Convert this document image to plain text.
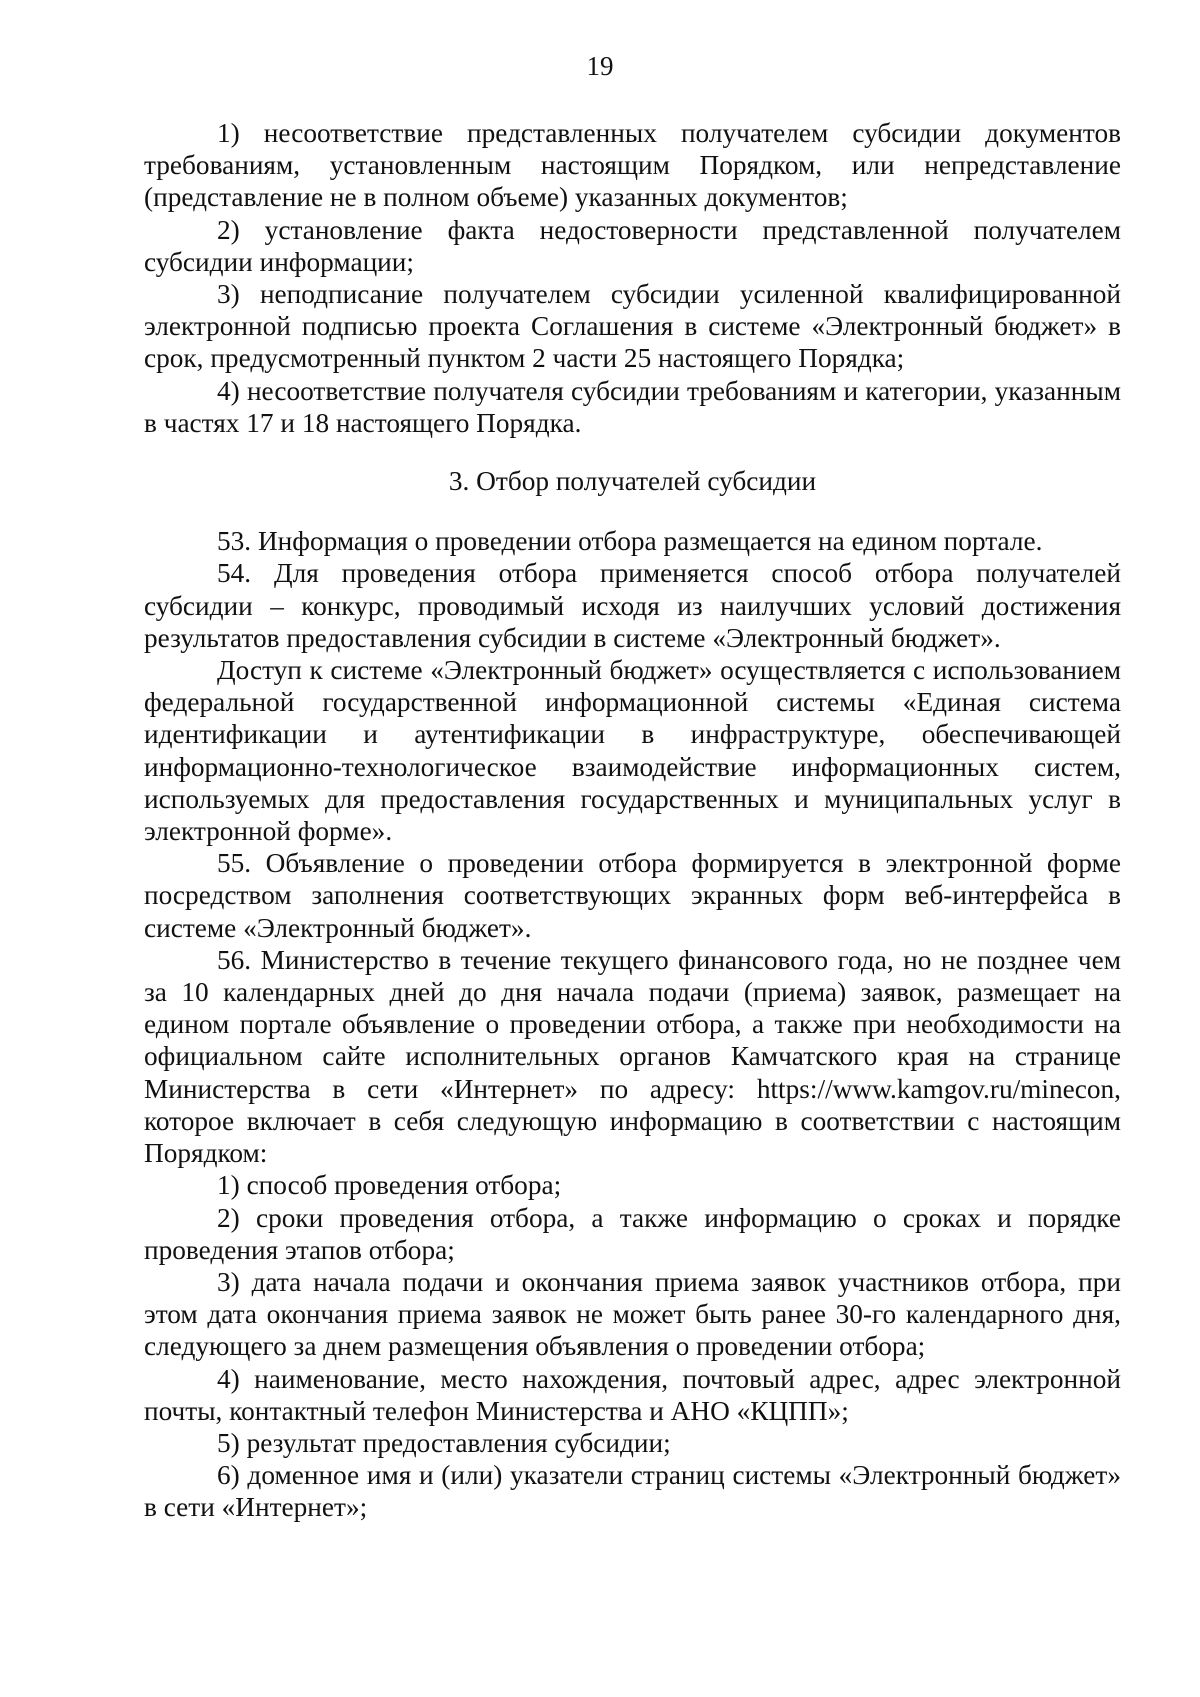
19

1) несоответствие представленных получателем субсидии документов требованиям, установленным настоящим Порядком, или непредставление (представление не в полном объеме) указанных документов;

2) установление факта недостоверности представленной получателем субсидии информации;

3) неподписание получателем субсидии усиленной квалифицированной электронной подписью проекта Соглашения в системе «Электронный бюджет» в срок, предусмотренный пунктом 2 части 25 настоящего Порядка;

4) несоответствие получателя субсидии требованиям и категории, указанным в частях 17 и 18 настоящего Порядка.

3. Отбор получателей субсидии

53. Информация о проведении отбора размещается на едином портале.

54. Для проведения отбора применяется способ отбора получателей субсидии – конкурс, проводимый исходя из наилучших условий достижения результатов предоставления субсидии в системе «Электронный бюджет».

Доступ к системе «Электронный бюджет» осуществляется с использованием федеральной государственной информационной системы «Единая система идентификации и аутентификации в инфраструктуре, обеспечивающей информационно-технологическое взаимодействие информационных систем, используемых для предоставления государственных и муниципальных услуг в электронной форме».

55. Объявление о проведении отбора формируется в электронной форме посредством заполнения соответствующих экранных форм веб-интерфейса в системе «Электронный бюджет».

56. Министерство в течение текущего финансового года, но не позднее чем за 10 календарных дней до дня начала подачи (приема) заявок, размещает на едином портале объявление о проведении отбора, а также при необходимости на официальном сайте исполнительных органов Камчатского края на странице Министерства в сети «Интернет» по адресу: https://www.kamgov.ru/minecon, которое включает в себя следующую информацию в соответствии с настоящим Порядком:

1) способ проведения отбора;

2) сроки проведения отбора, а также информацию о сроках и порядке проведения этапов отбора;

3) дата начала подачи и окончания приема заявок участников отбора, при этом дата окончания приема заявок не может быть ранее 30-го календарного дня, следующего за днем размещения объявления о проведении отбора;

4) наименование, место нахождения, почтовый адрес, адрес электронной почты, контактный телефон Министерства и АНО «КЦПП»;

5) результат предоставления субсидии;

6) доменное имя и (или) указатели страниц системы «Электронный бюджет» в сети «Интернет»;
